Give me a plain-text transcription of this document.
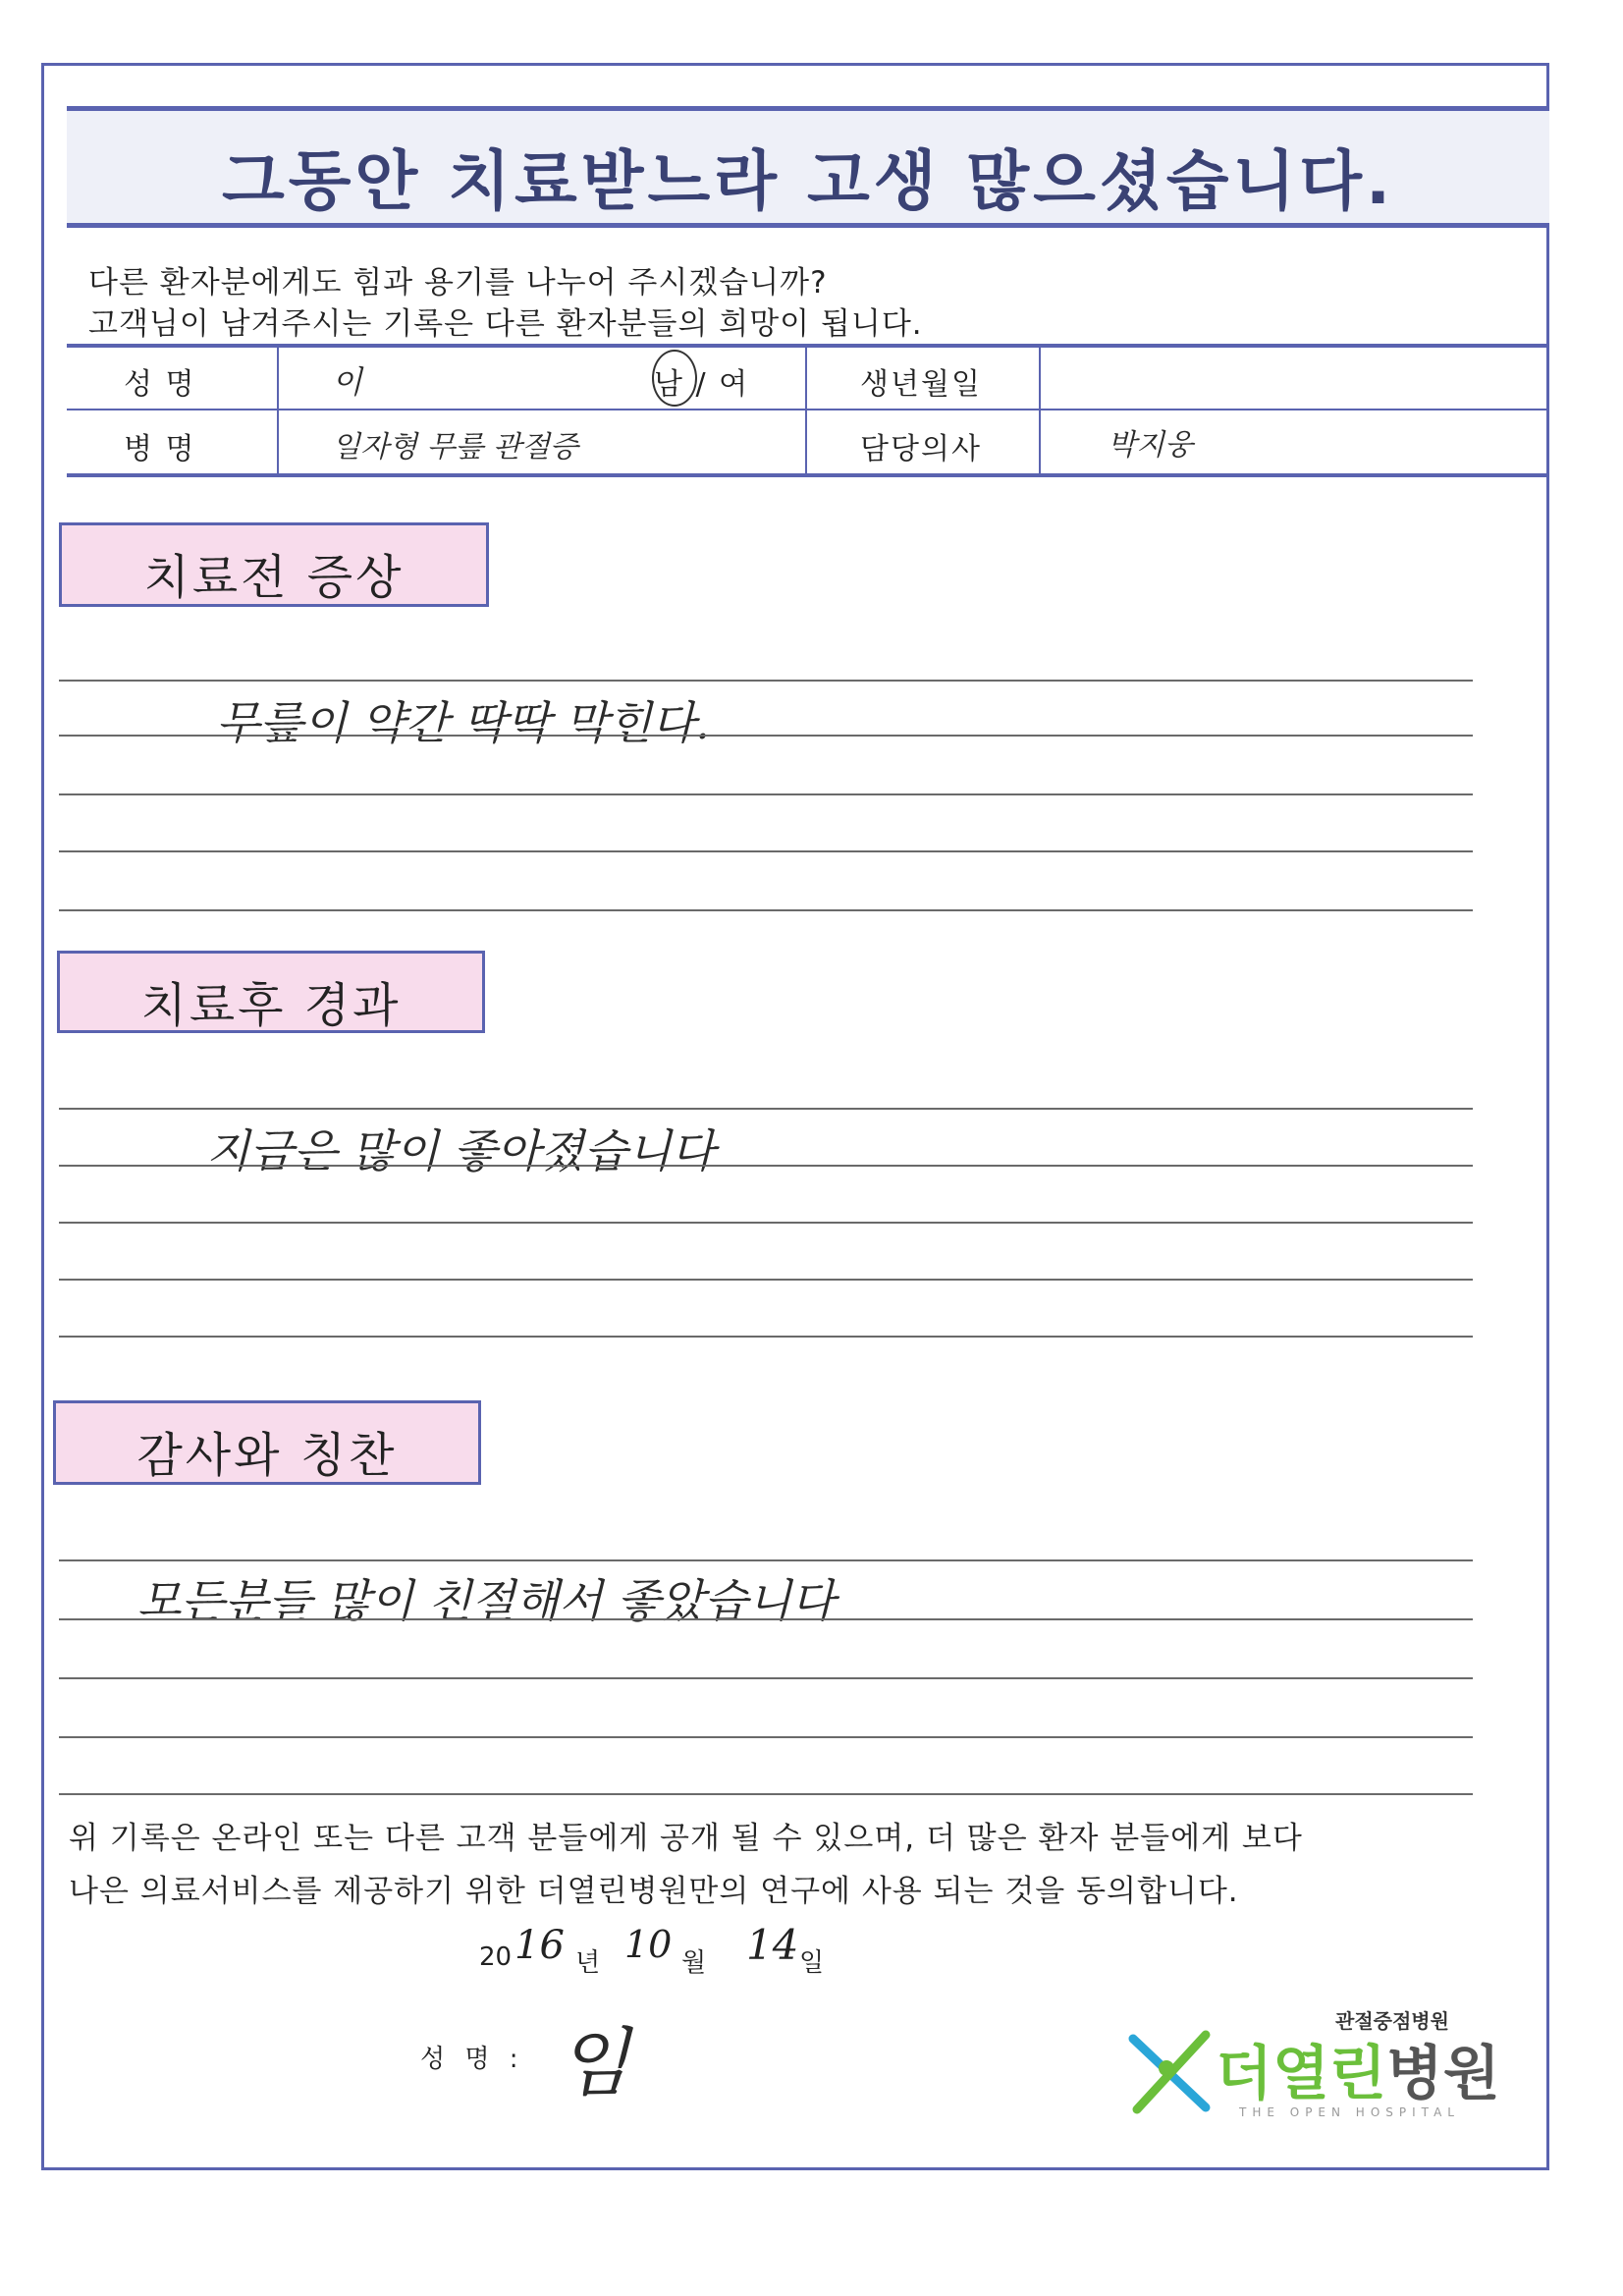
그동안 치료받느라 고생 많으셨습니다.
다른 환자분에게도 힘과 용기를 나누어 주시겠습니까?
고객님이 남겨주시는 기록은 다른 환자분들의 희망이 됩니다.
성 명	이	남 / 여	생년월일
병 명	일자형 무릎 관절증	담당의사	박지웅
치료전 증상
무릎이 약간 딱딱 막힌다.
치료후 경과
지금은 많이 좋아졌습니다
감사와 칭찬
모든분들 많이 친절해서 좋았습니다
위 기록은 온라인 또는 다른 고객 분들에게 공개 될 수 있으며, 더 많은 환자 분들에게 보다
나은 의료서비스를 제공하기 위한 더열린병원만의 연구에 사용 되는 것을 동의합니다.
20 16 년 10 월 14 일
성 명 : 임	관절중점병원
더열린병원
THE OPEN HOSPITAL
